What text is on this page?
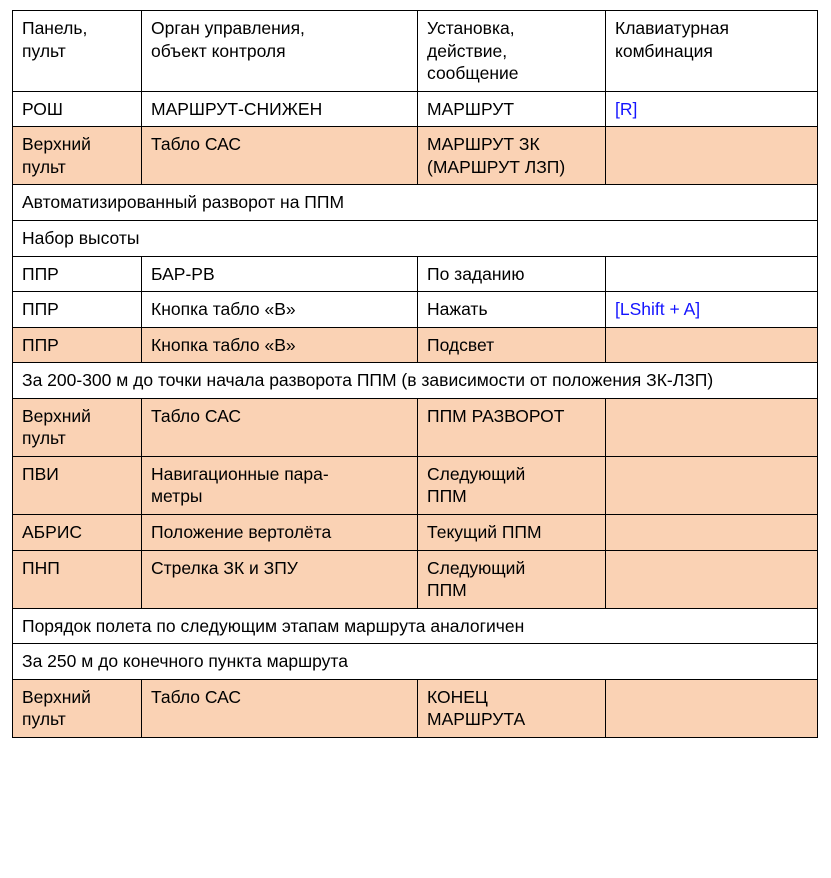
Панель,
пульт	Орган управления,
объект контроля	Установка,
действие,
сообщение	Клавиатурная
комбинация

РОШ	МАРШРУТ-СНИЖЕН	МАРШРУТ	[R]

Верхний
пульт	Табло САС	МАРШРУТ ЗК
(МАРШРУТ ЛЗП)	

Автоматизированный разворот на ППМ			
Набор высоты			
ППР	БАР-РВ	По заданию	

ППР	Кнопка табло «В»	Нажать	[LShift + A]
ППР	Кнопка табло «В»	Подсвет	

За 200-300 м до точки начала разворота ППМ (в зависимости от положения ЗК-ЛЗП)			

Верхний
пульт	Табло САС	ППМ РАЗВОРОТ	

ПВИ	Навигационные пара-
метры	Следующий
ППМ	

АБРИС	Положение вертолёта	Текущий ППМ	

ПНП	Стрелка ЗК и ЗПУ	Следующий
ППМ	

Порядок полета по следующим этапам маршрута аналогичен			
За 250 м до конечного пункта маршрута			

Верхний
пульт	Табло САС	КОНЕЦ
МАРШРУТА	
